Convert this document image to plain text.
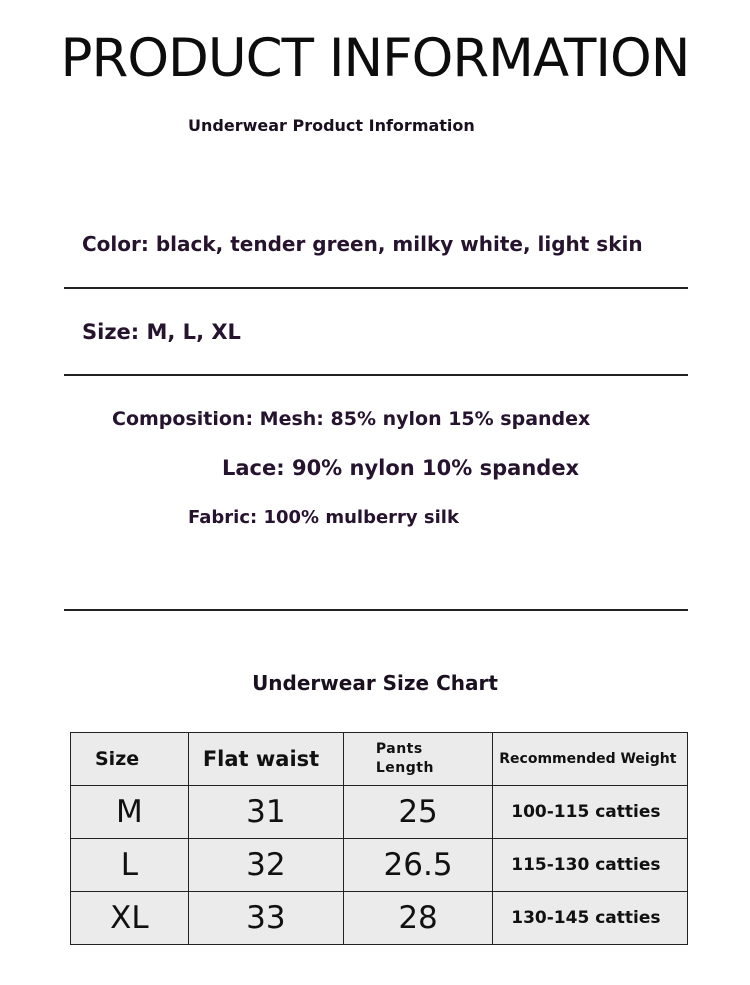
PRODUCT INFORMATION
Underwear Product Information
Color: black, tender green, milky white, light skin
Size: M, L, XL
Composition: Mesh: 85% nylon 15% spandex
Lace: 90% nylon 10% spandex
Fabric: 100% mulberry silk
Underwear Size Chart
Size	Flat waist	Pants Length	Recommended Weight
M	31	25	100-115 catties
L	32	26.5	115-130 catties
XL	33	28	130-145 catties
